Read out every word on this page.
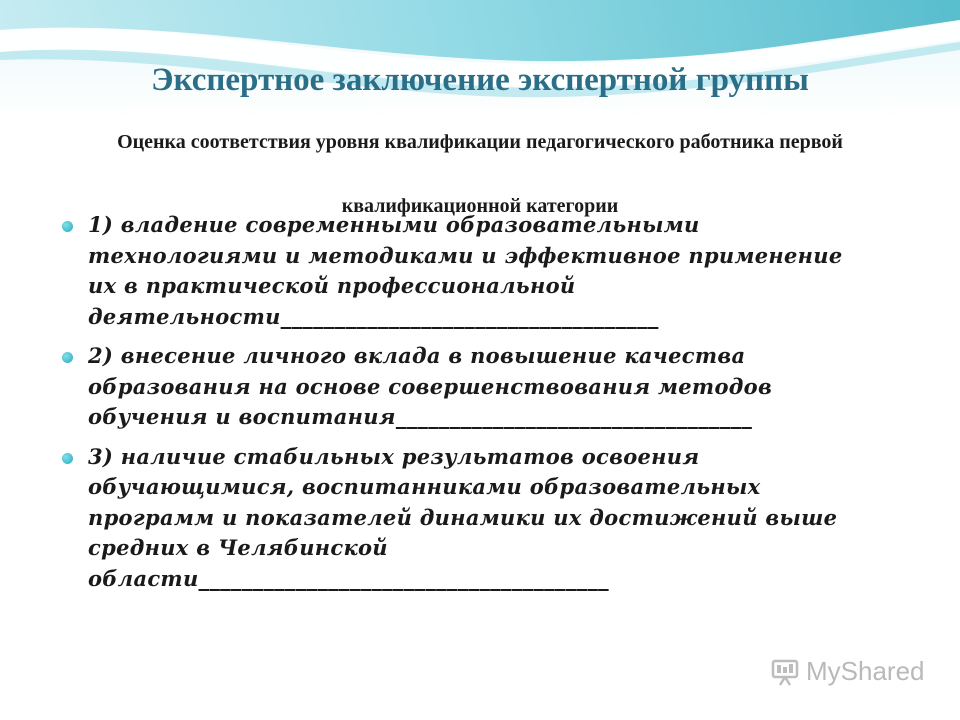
Экспертное заключение экспертной группы
Оценка соответствия уровня квалификации педагогического работника первой квалификационной категории
1) владение современными образовательными технологиями и методиками и эффективное применение их в практической профессиональной деятельности___________________________________
2) внесение личного вклада в повышение качества образования на основе совершенствования методов обучения и воспитания_________________________________
3) наличие стабильных результатов освоения обучающимися, воспитанниками образовательных программ и показателей динамики их достижений выше средних в Челябинской области______________________________________
MyShared
